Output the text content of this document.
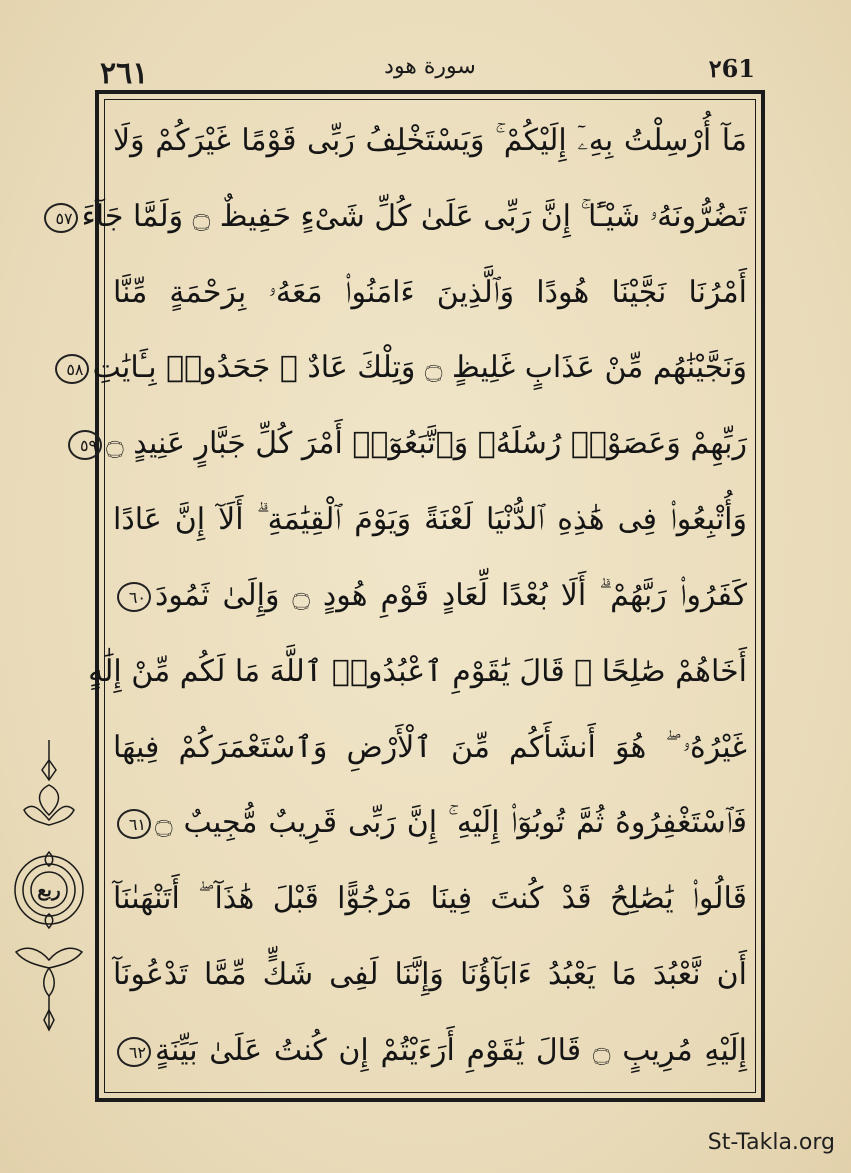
٢٦١	سورة هود	٢61
مَآ أُرْسِلْتُ بِهِۦٓ إِلَيْكُمْ ۚ وَيَسْتَخْلِفُ رَبِّى قَوْمًا غَيْرَكُمْ وَلَا
تَضُرُّونَهُۥ شَيْـًٔا ۚ إِنَّ رَبِّى عَلَىٰ كُلِّ شَىْءٍ حَفِيظٌ ۝ وَلَمَّا جَآءَ٥٧
أَمْرُنَا نَجَّيْنَا هُودًا وَٱلَّذِينَ ءَامَنُوا۟ مَعَهُۥ بِرَحْمَةٍ مِّنَّا
وَنَجَّيْنَٰهُم مِّنْ عَذَابٍ غَلِيظٍ ۝ وَتِلْكَ عَادٌ ۖ جَحَدُوا۟ بِـَٔايَٰتِ٥٨
رَبِّهِمْ وَعَصَوْا۟ رُسُلَهُۥ وَٱتَّبَعُوٓا۟ أَمْرَ كُلِّ جَبَّارٍ عَنِيدٍ ۝٥٩
وَأُتْبِعُوا۟ فِى هَٰذِهِ ٱلدُّنْيَا لَعْنَةً وَيَوْمَ ٱلْقِيَٰمَةِ ۗ أَلَآ إِنَّ عَادًا
كَفَرُوا۟ رَبَّهُمْ ۗ أَلَا بُعْدًا لِّعَادٍ قَوْمِ هُودٍ ۝ وَإِلَىٰ ثَمُودَ٦٠
أَخَاهُمْ صَٰلِحًا ۚ قَالَ يَٰقَوْمِ ٱعْبُدُوا۟ ٱللَّهَ مَا لَكُم مِّنْ إِلَٰهٍ
غَيْرُهُۥ ۖ هُوَ أَنشَأَكُم مِّنَ ٱلْأَرْضِ وَٱسْتَعْمَرَكُمْ فِيهَا
فَٱسْتَغْفِرُوهُ ثُمَّ تُوبُوٓا۟ إِلَيْهِ ۚ إِنَّ رَبِّى قَرِيبٌ مُّجِيبٌ ۝٦١
قَالُوا۟ يَٰصَٰلِحُ قَدْ كُنتَ فِينَا مَرْجُوًّا قَبْلَ هَٰذَآ ۖ أَتَنْهَىٰنَآ
أَن نَّعْبُدَ مَا يَعْبُدُ ءَابَآؤُنَا وَإِنَّنَا لَفِى شَكٍّ مِّمَّا تَدْعُونَآ
إِلَيْهِ مُرِيبٍ ۝ قَالَ يَٰقَوْمِ أَرَءَيْتُمْ إِن كُنتُ عَلَىٰ بَيِّنَةٍ٦٢
ربع
St-Takla.org
